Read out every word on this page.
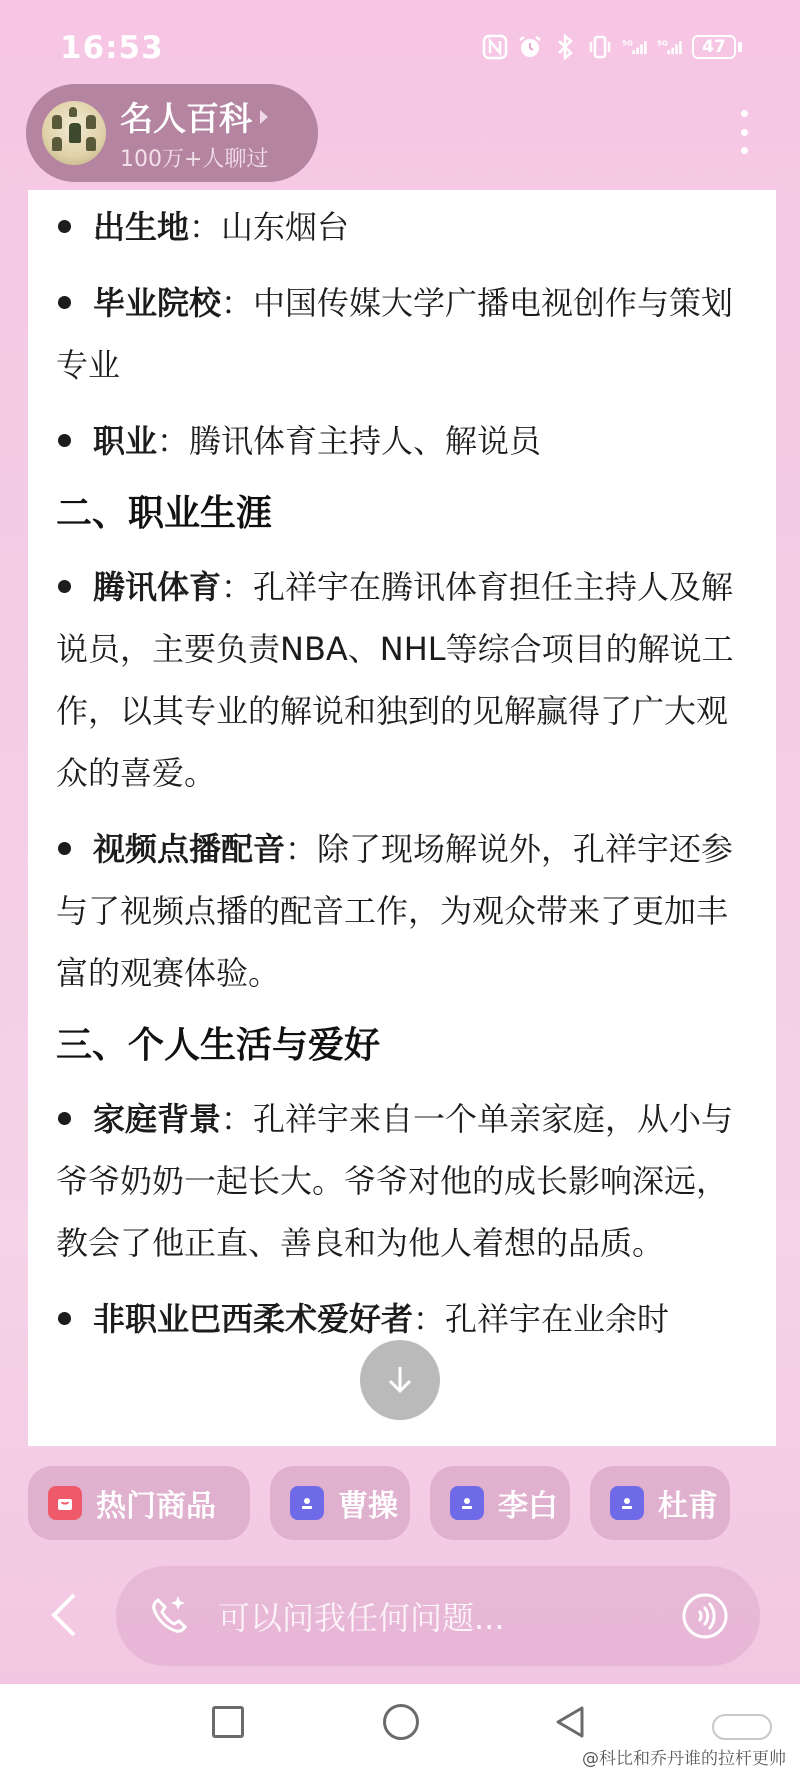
16:53	5G 5G	47
名人百科
100万+人聊过

出生地：山东烟台

毕业院校：中国传媒大学广播电视创作与策划专业

职业：腾讯体育主持人、解说员

二、职业生涯

腾讯体育：孔祥宇在腾讯体育担任主持人及解说员，主要负责NBA、NHL等综合项目的解说工作，以其专业的解说和独到的见解赢得了广大观众的喜爱。

视频点播配音：除了现场解说外，孔祥宇还参与了视频点播的配音工作，为观众带来了更加丰富的观赛体验。

三、个人生活与爱好

家庭背景：孔祥宇来自一个单亲家庭，从小与爷爷奶奶一起长大。爷爷对他的成长影响深远，教会了他正直、善良和为他人着想的品质。

非职业巴西柔术爱好者：孔祥宇在业余时

热门商品	曹操	李白	杜甫
可以问我任何问题...
@科比和乔丹谁的拉杆更帅
